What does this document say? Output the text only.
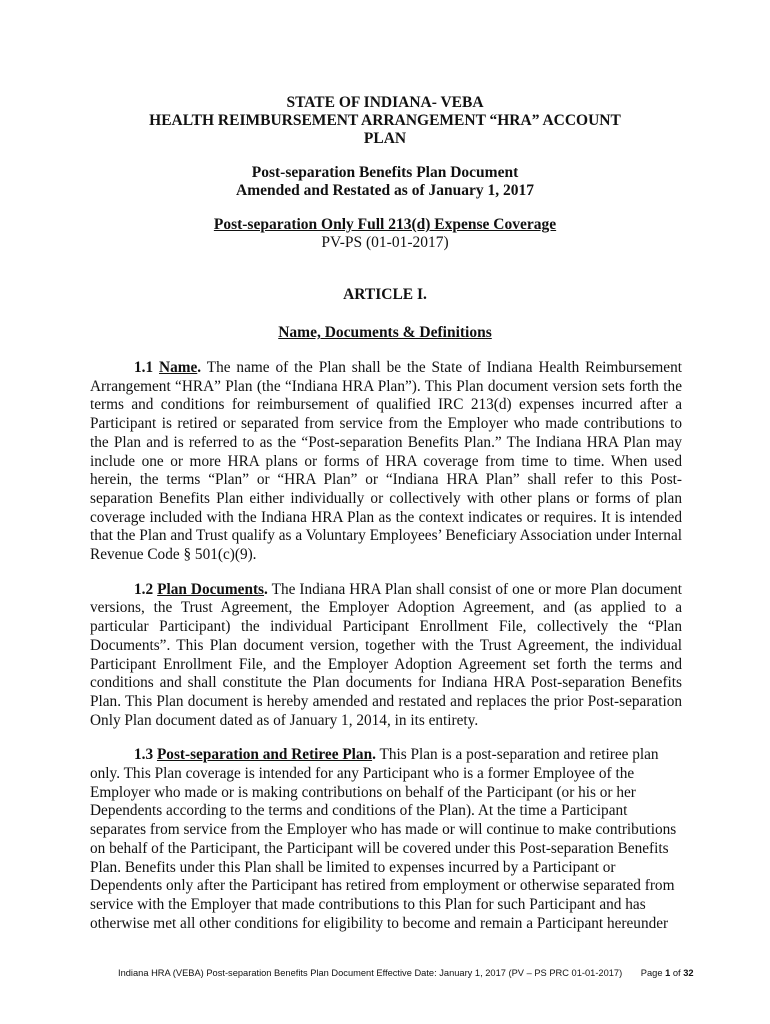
STATE OF INDIANA- VEBA
HEALTH REIMBURSEMENT ARRANGEMENT “HRA” ACCOUNT
PLAN
Post-separation Benefits Plan Document
Amended and Restated as of January 1, 2017
Post-separation Only Full 213(d) Expense Coverage
PV-PS (01-01-2017)
ARTICLE I.
Name, Documents & Definitions

1.1 Name. The name of the Plan shall be the State of Indiana Health Reimbursement Arrangement “HRA” Plan (the “Indiana HRA Plan”). This Plan document version sets forth the terms and conditions for reimbursement of qualified IRC 213(d) expenses incurred after a Participant is retired or separated from service from the Employer who made contributions to the Plan and is referred to as the “Post-separation Benefits Plan.” The Indiana HRA Plan may include one or more HRA plans or forms of HRA coverage from time to time. When used herein, the terms “Plan” or “HRA Plan” or “Indiana HRA Plan” shall refer to this Post-separation Benefits Plan either individually or collectively with other plans or forms of plan coverage included with the Indiana HRA Plan as the context indicates or requires. It is intended that the Plan and Trust qualify as a Voluntary Employees’ Beneficiary Association under Internal Revenue Code § 501(c)(9).

1.2 Plan Documents. The Indiana HRA Plan shall consist of one or more Plan document versions, the Trust Agreement, the Employer Adoption Agreement, and (as applied to a particular Participant) the individual Participant Enrollment File, collectively the “Plan Documents”. This Plan document version, together with the Trust Agreement, the individual Participant Enrollment File, and the Employer Adoption Agreement set forth the terms and conditions and shall constitute the Plan documents for Indiana HRA Post-separation Benefits Plan. This Plan document is hereby amended and restated and replaces the prior Post-separation Only Plan document dated as of January 1, 2014, in its entirety.

1.3 Post-separation and Retiree Plan. This Plan is a post-separation and retiree plan only. This Plan coverage is intended for any Participant who is a former Employee of the Employer who made or is making contributions on behalf of the Participant (or his or her Dependents according to the terms and conditions of the Plan). At the time a Participant separates from service from the Employer who has made or will continue to make contributions on behalf of the Participant, the Participant will be covered under this Post-separation Benefits Plan. Benefits under this Plan shall be limited to expenses incurred by a Participant or Dependents only after the Participant has retired from employment or otherwise separated from service with the Employer that made contributions to this Plan for such Participant and has otherwise met all other conditions for eligibility to become and remain a Participant hereunder

Indiana HRA (VEBA) Post-separation Benefits Plan Document Effective Date: January 1, 2017 (PV – PS PRC 01-01-2017) Page 1 of 32
